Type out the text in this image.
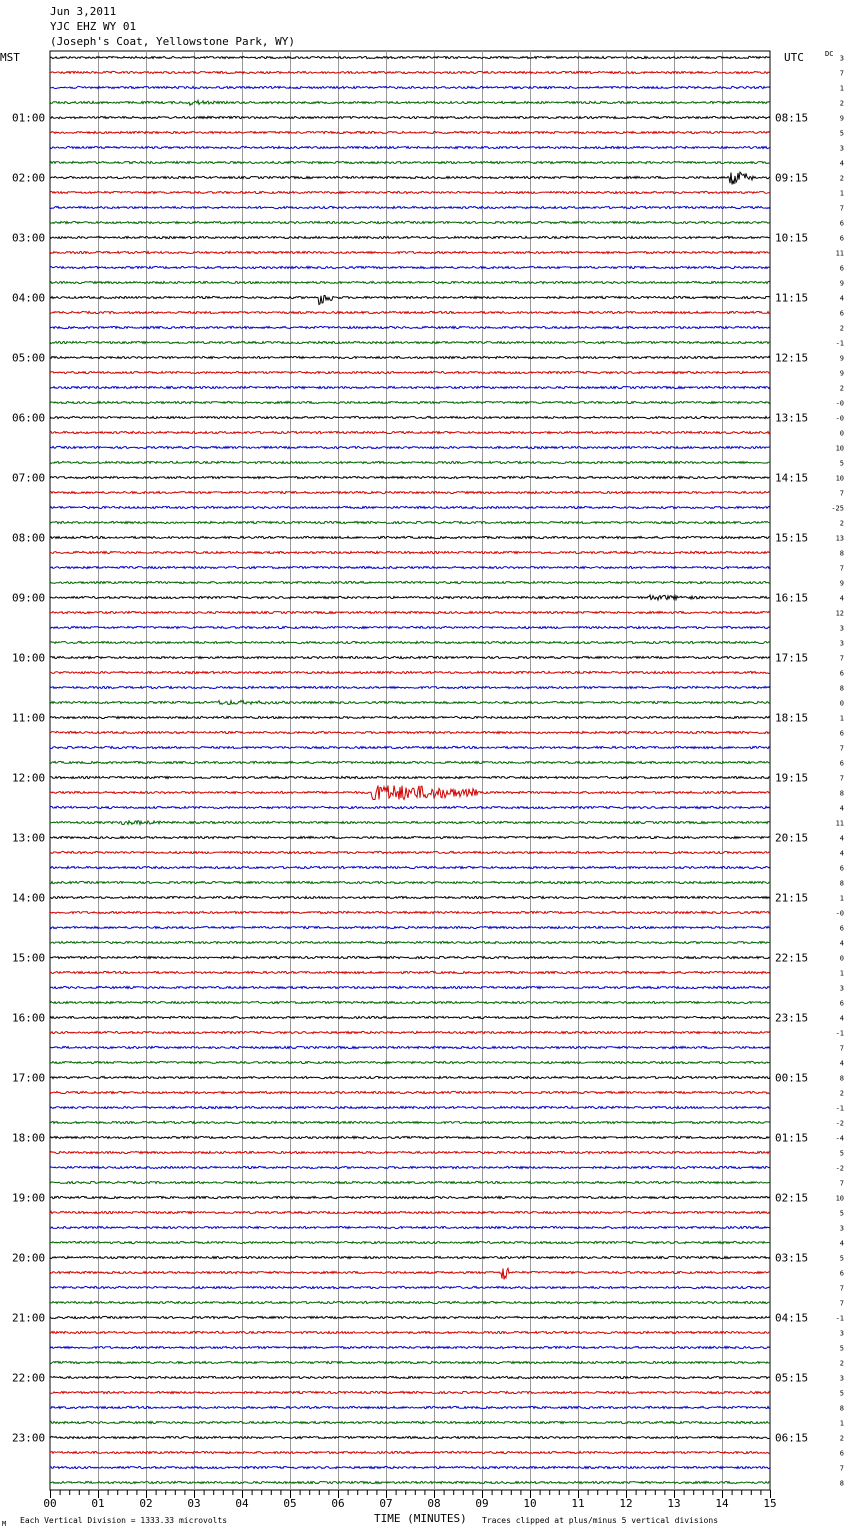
Jun 3,2011
YJC EHZ WY 01
(Joseph's Coat, Yellowstone Park, WY)
3
7
1
2
9
5
3
4
2
1
7
6
6
11
6
9
4
6
2
-1
9
9
2
-0
-0
0
10
5
10
7
-25
2
13
8
7
9
4
12
3
3
7
6
8
0
1
6
7
6
7
8
4
11
4
4
6
8
1
-0
6
4
0
1
3
6
4
-1
7
4
8
2
-1
-2
-4
5
-2
7
10
5
3
4
5
6
7
7
-1
3
5
2
3
5
8
1
2
6
7
8
MST	UTC	DC
01:00
02:00
03:00
04:00
05:00
06:00
07:00
08:00
09:00
10:00
11:00
12:00
13:00
14:00
15:00
16:00
17:00
18:00
19:00
20:00
21:00
22:00
23:00
08:15
09:15
10:15
11:15
12:15
13:15
14:15
15:15
16:15
17:15
18:15
19:15
20:15
21:15
22:15
23:15
00:15
01:15
02:15
03:15
04:15
05:15
06:15
00	01	02	03	04	05	06	07	08	09	10	11	12	13	14	15
M Each Vertical Division = 1333.33 microvolts	TIME (MINUTES) Traces clipped at plus/minus 5 vertical divisions
